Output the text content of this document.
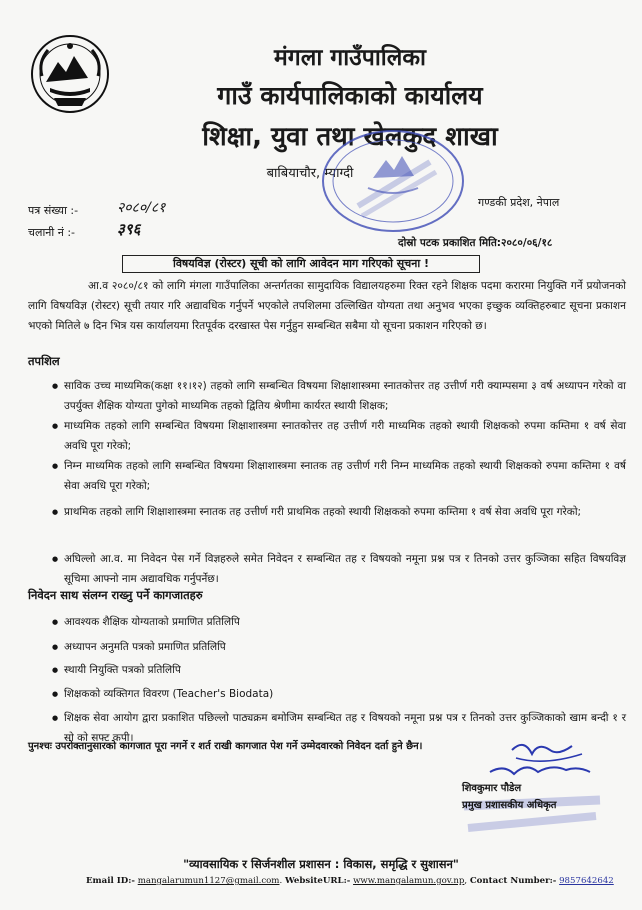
मंगला गाउँपालिका
गाउँ कार्यपालिकाको कार्यालय
शिक्षा, युवा तथा खेलकुद शाखा
बाबियाचौर, म्याग्दी
पत्र संख्या :-	२०८०/८१
चलानी नं :-	३९६
गण्डकी प्रदेश, नेपाल
दोस्रो पटक प्रकाशित मिति:२०८०/०६/१८
विषयविज्ञ (रोस्टर) सूची को लागि आवेदन माग गरिएको सूचना !
आ.व २०८०/८१ को लागि मंगला गाउँपालिका अन्तर्गतका सामुदायिक विद्यालयहरुमा रिक्त रहने शिक्षक पदमा करारमा नियुक्ति गर्ने प्रयोजनको लागि विषयविज्ञ (रोस्टर) सूची तयार गरि अद्यावधिक गर्नुपर्ने भएकोले तपशिलमा उल्लिखित योग्यता तथा अनुभव भएका इच्छुक व्यक्तिहरुबाट सूचना प्रकाशन भएको मितिले ७ दिन भित्र यस कार्यालयमा रितपूर्वक दरखास्त पेस गर्नुहुन सम्बन्धित सबैमा यो सूचना प्रकाशन गरिएको छ।
तपशिल
● साविक उच्च माध्यमिक(कक्षा ११।१२) तहको लागि सम्बन्धित विषयमा शिक्षाशास्त्रमा स्नातकोत्तर तह उत्तीर्ण गरी क्याम्पसमा ३ वर्ष अध्यापन गरेको वा उपर्युक्त शैक्षिक योग्यता पुगेको माध्यमिक तहको द्वितिय श्रेणीमा कार्यरत स्थायी शिक्षक;
● माध्यमिक तहको लागि सम्बन्धित विषयमा शिक्षाशास्त्रमा स्नातकोत्तर तह उत्तीर्ण गरी माध्यमिक तहको स्थायी शिक्षकको रुपमा कम्तिमा १ वर्ष सेवा अवधि पूरा गरेको;
● निम्न माध्यमिक तहको लागि सम्बन्धित विषयमा शिक्षाशास्त्रमा स्नातक तह उत्तीर्ण गरी निम्न माध्यमिक तहको स्थायी शिक्षकको रुपमा कम्तिमा १ वर्ष सेवा अवधि पूरा गरेको;
● प्राथमिक तहको लागि शिक्षाशास्त्रमा स्नातक तह उत्तीर्ण गरी प्राथमिक तहको स्थायी शिक्षकको रुपमा कम्तिमा १ वर्ष सेवा अवधि पूरा गरेको;
● अघिल्लो आ.व. मा निवेदन पेस गर्ने विज्ञहरुले समेत निवेदन र सम्बन्धित तह र विषयको नमूना प्रश्न पत्र र तिनको उत्तर कुञ्जिका सहित विषयविज्ञ सूचिमा आफ्नो नाम अद्यावधिक गर्नुपर्नेछ।
निवेदन साथ संलग्न राख्नु पर्ने कागजातहरु
● आवश्यक शैक्षिक योग्यताको प्रमाणित प्रतिलिपि
● अध्यापन अनुमति पत्रको प्रमाणित प्रतिलिपि
● स्थायी नियुक्ति पत्रको प्रतिलिपि
● शिक्षकको व्यक्तिगत विवरण (Teacher's Biodata)
● शिक्षक सेवा आयोग द्वारा प्रकाशित पछिल्लो पाठ्यक्रम बमोजिम सम्बन्धित तह र विषयको नमूना प्रश्न पत्र र तिनको उत्तर कुञ्जिकाको खाम बन्दी १ र सो को सफ्ट कपी।
पुनश्चः उपरोक्तानुसारको कागजात पूरा नगर्ने र शर्त राखी कागजात पेश गर्ने उम्मेदवारको निवेदन दर्ता हुने छैन।
शिवकुमार पौडेल
प्रमुख प्रशासकीय अधिकृत
"व्यावसायिक र सिर्जनशील प्रशासन : विकास, समृद्धि र सुशासन"
Email ID:- mangalarumun1127@gmail.com. WebsiteURL:- www.mangalamun.gov.np, Contact Number:- 9857642642
